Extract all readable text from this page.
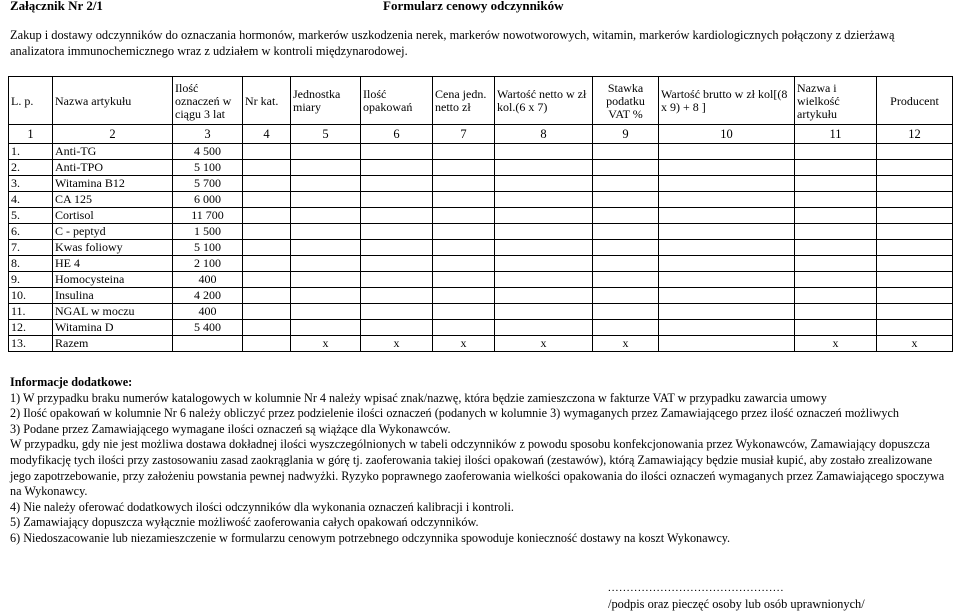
Załącznik Nr 2/1	Formularz cenowy odczynników
Zakup i dostawy odczynników do oznaczania hormonów, markerów uszkodzenia nerek, markerów nowotworowych, witamin, markerów kardiologicznych połączony z dzierżawą analizatora immunochemicznego wraz z udziałem w kontroli międzynarodowej.
L. p.	Nazwa artykułu	Ilość oznaczeń w ciągu 3 lat	Nr kat.	Jednostka miary	Ilość opakowań	Cena jedn. netto zł	Wartość netto w zł kol.(6 x 7)	Stawka podatku VAT %	Wartość brutto w zł kol[(8 x 9) + 8 ]	Nazwa i wielkość artykułu	Producent
1	2	3	4	5	6	7	8	9	10	11	12
1.	Anti-TG	4 500									
2.	Anti-TPO	5 100									
3.	Witamina B12	5 700									
4.	CA 125	6 000									
5.	Cortisol	11 700									
6.	C - peptyd	1 500									
7.	Kwas foliowy	5 100									
8.	HE 4	2 100									
9.	Homocysteina	400									
10.	Insulina	4 200									
11.	NGAL w moczu	400									
12.	Witamina D	5 400									
13.	Razem			x	x	x	x	x		x	x

Informacje dodatkowe:

1) W przypadku braku numerów katalogowych w kolumnie Nr 4 należy wpisać znak/nazwę, która będzie zamieszczona w fakturze VAT w przypadku zawarcia umowy

2) Ilość opakowań w kolumnie Nr 6 należy obliczyć przez podzielenie ilości oznaczeń (podanych w kolumnie 3) wymaganych przez Zamawiającego przez ilość oznaczeń możliwych

3) Podane przez Zamawiającego wymagane ilości oznaczeń są wiążące dla Wykonawców.

W przypadku, gdy nie jest możliwa dostawa dokładnej ilości wyszczególnionych w tabeli odczynników z powodu sposobu konfekcjonowania przez Wykonawców, Zamawiający dopuszcza modyfikację tych ilości przy zastosowaniu zasad zaokrąglania w górę tj. zaoferowania takiej ilości opakowań (zestawów), którą Zamawiający będzie musiał kupić, aby zostało zrealizowane jego zapotrzebowanie, przy założeniu powstania pewnej nadwyżki. Ryzyko poprawnego zaoferowania wielkości opakowania do ilości oznaczeń wymaganych przez Zamawiającego spoczywa na Wykonawcy.

4) Nie należy oferować dodatkowych ilości odczynników dla wykonania oznaczeń kalibracji i kontroli.

5) Zamawiający dopuszcza wyłącznie możliwość zaoferowania całych opakowań odczynników.

6) Niedoszacowanie lub niezamieszczenie w formularzu cenowym potrzebnego odczynnika spowoduje konieczność dostawy na koszt Wykonawcy.

...............................................
/podpis oraz pieczęć osoby lub osób uprawnionych/
